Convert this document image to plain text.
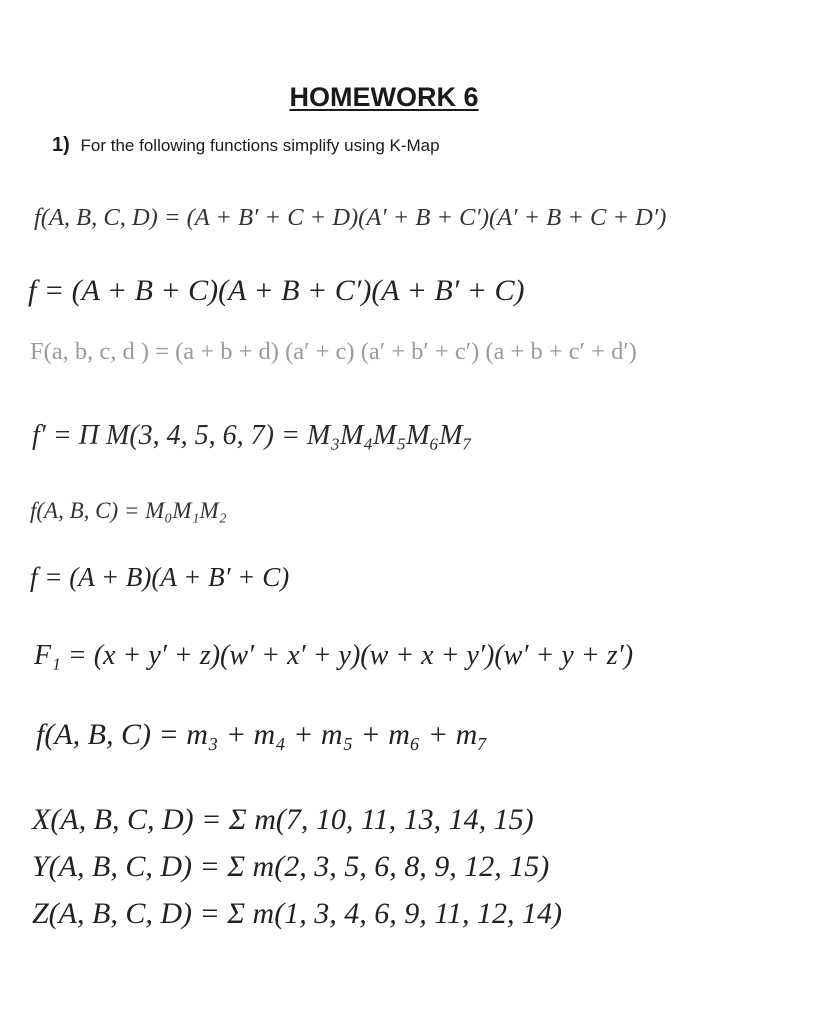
HOMEWORK 6
1) For the following functions simplify using K-Map
f(A, B, C, D) = (A + B′ + C + D)(A′ + B + C′)(A′ + B + C + D′)
f = (A + B + C)(A + B + C′)(A + B′ + C)
F(a, b, c, d ) = (a + b + d) (a′ + c) (a′ + b′ + c′) (a + b + c′ + d′)
f′ = Π M(3, 4, 5, 6, 7) = M₃M₄M₅M₆M₇
f(A, B, C) = M₀M₁M₂
f = (A + B)(A + B′ + C)
F₁ = (x + y′ + z)(w′ + x′ + y)(w + x + y′)(w′ + y + z′)
f(A, B, C) = m₃ + m₄ + m₅ + m₆ + m₇
X(A, B, C, D) = Σ m(7, 10, 11, 13, 14, 15)
Y(A, B, C, D) = Σ m(2, 3, 5, 6, 8, 9, 12, 15)
Z(A, B, C, D) = Σ m(1, 3, 4, 6, 9, 11, 12, 14)
